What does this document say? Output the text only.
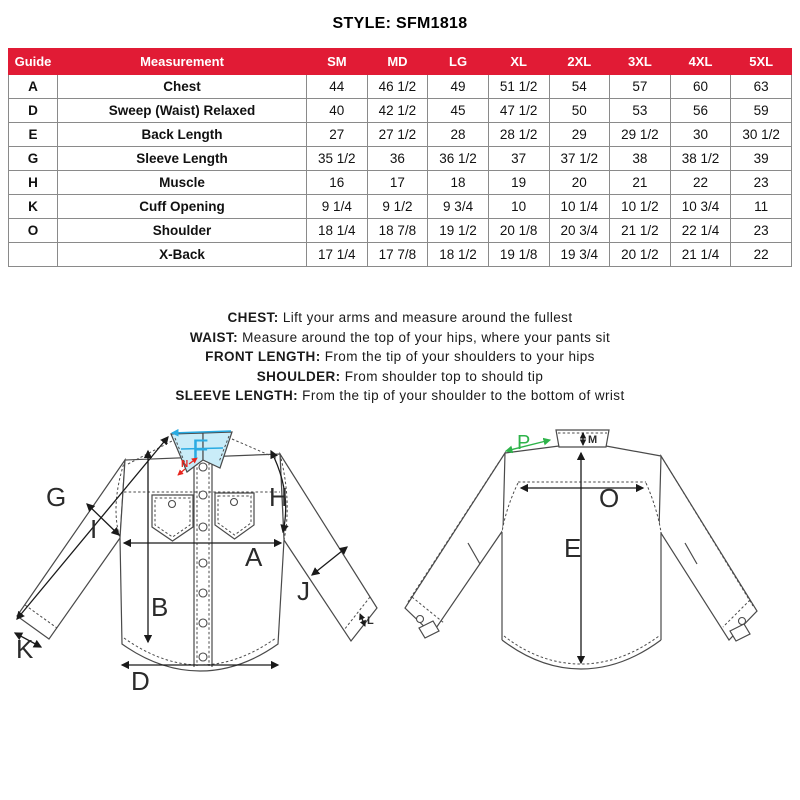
STYLE: SFM1818
Guide	Measurement	SM	MD	LG	XL	2XL	3XL	4XL	5XL
A	Chest	44	46 1/2	49	51 1/2	54	57	60	63
D	Sweep (Waist) Relaxed	40	42 1/2	45	47 1/2	50	53	56	59
E	Back Length	27	27 1/2	28	28 1/2	29	29 1/2	30	30 1/2
G	Sleeve Length	35 1/2	36	36 1/2	37	37 1/2	38	38 1/2	39
H	Muscle	16	17	18	19	20	21	22	23
K	Cuff Opening	9 1/4	9 1/2	9 3/4	10	10 1/4	10 1/2	10 3/4	11
O	Shoulder	18 1/4	18 7/8	19 1/2	20 1/8	20 3/4	21 1/2	22 1/4	23
	X-Back	17 1/4	17 7/8	18 1/2	19 1/8	19 3/4	20 1/2	21 1/4	22
CHEST: Lift your arms and measure around the fullest
WAIST: Measure around the top of your hips, where your pants sit
FRONT LENGTH: From the tip of your shoulders to your hips
SHOULDER: From shoulder top to should tip
SLEEVE LENGTH: From the tip of your shoulder to the bottom of wrist
F
N
G
I
H
A
B
J
K
L
D
P	M
O
E
